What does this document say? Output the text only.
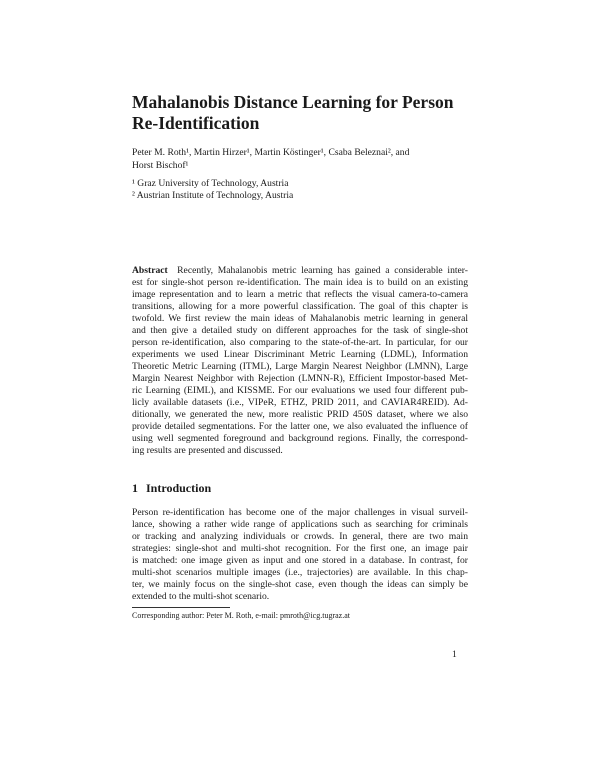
Mahalanobis Distance Learning for Person
Re-Identification
Peter M. Roth¹, Martin Hirzer¹, Martin Köstinger¹, Csaba Beleznai², and
Horst Bischof¹
¹ Graz University of Technology, Austria
² Austrian Institute of Technology, Austria
Abstract Recently, Mahalanobis metric learning has gained a considerable inter-
est for single-shot person re-identification. The main idea is to build on an existing
image representation and to learn a metric that reflects the visual camera-to-camera
transitions, allowing for a more powerful classification. The goal of this chapter is
twofold. We first review the main ideas of Mahalanobis metric learning in general
and then give a detailed study on different approaches for the task of single-shot
person re-identification, also comparing to the state-of-the-art. In particular, for our
experiments we used Linear Discriminant Metric Learning (LDML), Information
Theoretic Metric Learning (ITML), Large Margin Nearest Neighbor (LMNN), Large
Margin Nearest Neighbor with Rejection (LMNN-R), Efficient Impostor-based Met-
ric Learning (EIML), and KISSME. For our evaluations we used four different pub-
licly available datasets (i.e., VIPeR, ETHZ, PRID 2011, and CAVIAR4REID). Ad-
ditionally, we generated the new, more realistic PRID 450S dataset, where we also
provide detailed segmentations. For the latter one, we also evaluated the influence of
using well segmented foreground and background regions. Finally, the correspond-
ing results are presented and discussed.
1 Introduction
Person re-identification has become one of the major challenges in visual surveil-
lance, showing a rather wide range of applications such as searching for criminals
or tracking and analyzing individuals or crowds. In general, there are two main
strategies: single-shot and multi-shot recognition. For the first one, an image pair
is matched: one image given as input and one stored in a database. In contrast, for
multi-shot scenarios multiple images (i.e., trajectories) are available. In this chap-
ter, we mainly focus on the single-shot case, even though the ideas can simply be
extended to the multi-shot scenario.
Corresponding author: Peter M. Roth, e-mail: pmroth@icg.tugraz.at
1
